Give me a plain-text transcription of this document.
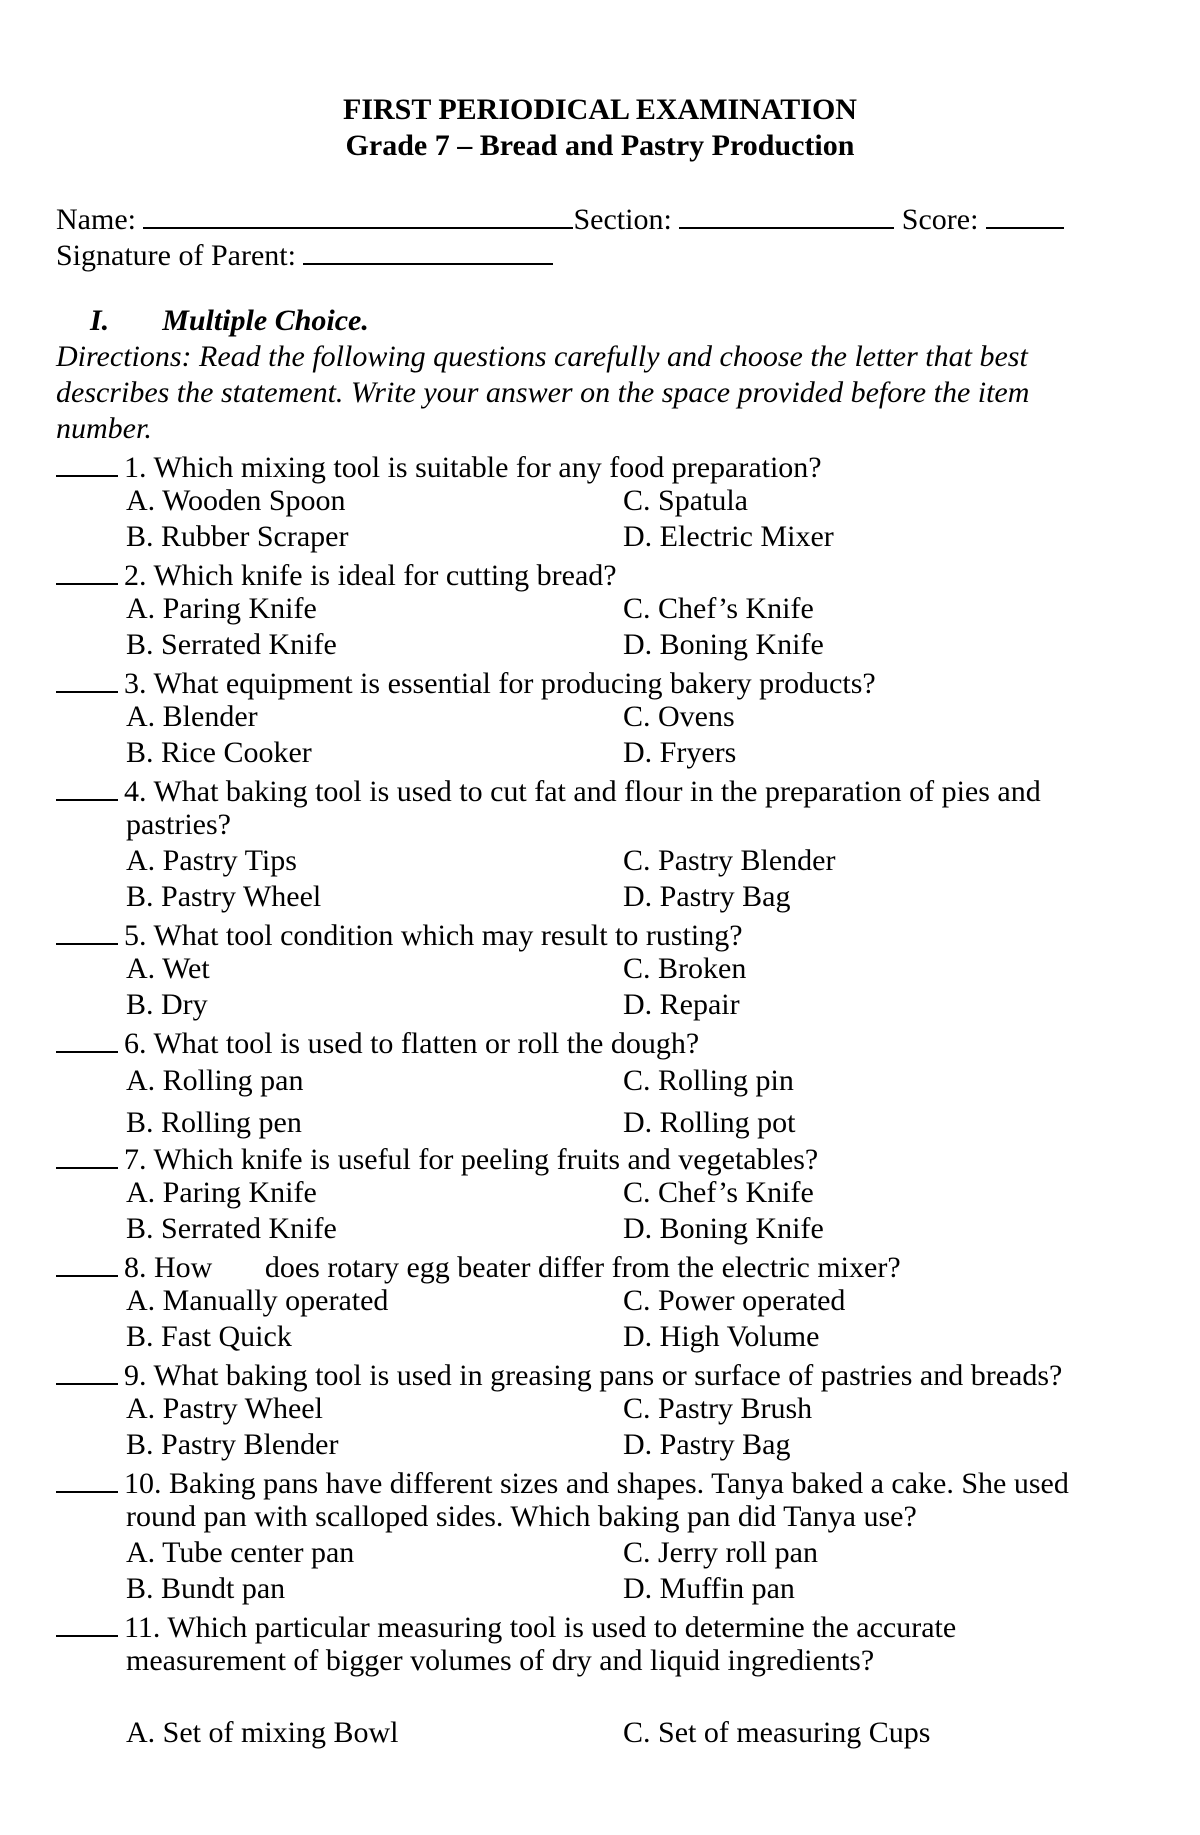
FIRST PERIODICAL EXAMINATION
Grade 7 – Bread and Pastry Production
Name:	Section:	Score:
Signature of Parent:
I. Multiple Choice.
Directions: Read the following questions carefully and choose the letter that best
describes the statement. Write your answer on the space provided before the item
number.
1. Which mixing tool is suitable for any food preparation?
A. Wooden Spoon	C. Spatula
B. Rubber Scraper	D. Electric Mixer
2. Which knife is ideal for cutting bread?
A. Paring Knife	C. Chef’s Knife
B. Serrated Knife	D. Boning Knife
3. What equipment is essential for producing bakery products?
A. Blender	C. Ovens
B. Rice Cooker	D. Fryers
4. What baking tool is used to cut fat and flour in the preparation of pies and
pastries?
A. Pastry Tips	C. Pastry Blender
B. Pastry Wheel	D. Pastry Bag
5. What tool condition which may result to rusting?
A. Wet	C. Broken
B. Dry	D. Repair
6. What tool is used to flatten or roll the dough?
A. Rolling pan	C. Rolling pin
B. Rolling pen	D. Rolling pot
7. Which knife is useful for peeling fruits and vegetables?
A. Paring Knife	C. Chef’s Knife
B. Serrated Knife	D. Boning Knife
8. How       does rotary egg beater differ from the electric mixer?
A. Manually operated	C. Power operated
B. Fast Quick	D. High Volume
9. What baking tool is used in greasing pans or surface of pastries and breads?
A. Pastry Wheel	C. Pastry Brush
B. Pastry Blender	D. Pastry Bag
10. Baking pans have different sizes and shapes. Tanya baked a cake. She used
round pan with scalloped sides. Which baking pan did Tanya use?
A. Tube center pan	C. Jerry roll pan
B. Bundt pan	D. Muffin pan
11. Which particular measuring tool is used to determine the accurate
measurement of bigger volumes of dry and liquid ingredients?
A. Set of mixing Bowl	C. Set of measuring Cups
